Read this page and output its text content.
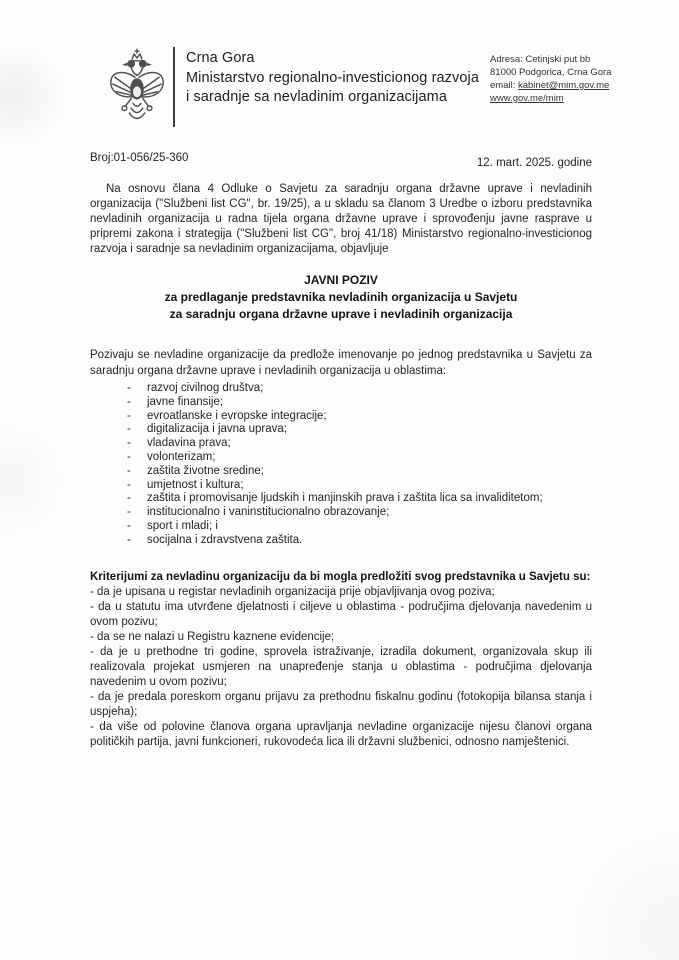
Crna Gora
Ministarstvo regionalno-investicionog razvoja
i saradnje sa nevladinim organizacijama
Adresa: Cetinjski put bb
81000 Podgorica, Crna Gora
email: kabinet@mim.gov.me
www.gov.me/mim
Broj:01-056/25-360	12. mart. 2025. godine

Na osnovu člana 4 Odluke o Savjetu za saradnju organa državne uprave i nevladinih organizacija ("Službeni list CG", br. 19/25), a u skladu sa članom 3 Uredbe o izboru predstavnika nevladinih organizacija u radna tijela organa državne uprave i sprovođenju javne rasprave u pripremi zakona i strategija ("Službeni list CG", broj 41/18) Ministarstvo regionalno-investicionog razvoja i saradnje sa nevladinim organizacijama, objavljuje

JAVNI POZIV
za predlaganje predstavnika nevladinih organizacija u Savjetu
za saradnju organa državne uprave i nevladinih organizacija

Pozivaju se nevladine organizacije da predlože imenovanje po jednog predstavnika u Savjetu za saradnju organa državne uprave i nevladinih organizacija u oblastima:

-	razvoj civilnog društva;
-	javne finansije;
-	evroatlanske i evropske integracije;
-	digitalizacija i javna uprava;
-	vladavina prava;
-	volonterizam;
-	zaštita životne sredine;
-	umjetnost i kultura;
-	zaštita i promovisanje ljudskih i manjinskih prava i zaštita lica sa invaliditetom;
-	institucionalno i vaninstitucionalno obrazovanje;
-	sport i mladi; i
-	socijalna i zdravstvena zaštita.
Kriterijumi za nevladinu organizaciju da bi mogla predložiti svog predstavnika u Savjetu su:

- da je upisana u registar nevladinih organizacija prije objavljivanja ovog poziva;

- da u statutu ima utvrđene djelatnosti i ciljeve u oblastima - područjima djelovanja navedenim u ovom pozivu;

- da se ne nalazi u Registru kaznene evidencije;

- da je u prethodne tri godine, sprovela istraživanje, izradila dokument, organizovala skup ili realizovala projekat usmjeren na unapređenje stanja u oblastima - područjima djelovanja navedenim u ovom pozivu;

- da je predala poreskom organu prijavu za prethodnu fiskalnu godinu (fotokopija bilansa stanja i uspjeha);

- da više od polovine članova organa upravljanja nevladine organizacije nijesu članovi organa političkih partija, javni funkcioneri, rukovodeća lica ili državni službenici, odnosno namještenici.
